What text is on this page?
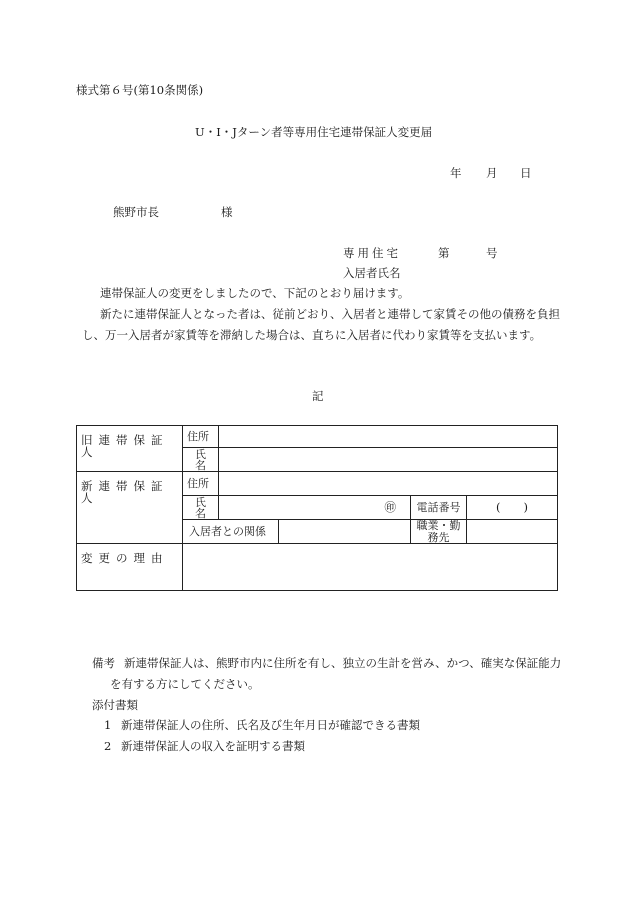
様式第６号(第10条関係)
U・I・Jターン者等専用住宅連帯保証人変更届
年 月 日
熊野市長	様
専用住宅	第	号
入居者氏名
連帯保証人の変更をしましたので、下記のとおり届けます。
新たに連帯保証人となった者は、従前どおり、入居者と連帯して家賃その他の債務を負担し、万一入居者が家賃等を滞納した場合は、直ちに入居者に代わり家賃等を支払います。
記
旧連帯保証人	住所				
	氏名				
新連帯保証人	住所				
	氏名	㊞		電話番号	(　　)
	入居者との関係			職業・勤務先	
変更の理由					
備考 新連帯保証人は、熊野市内に住所を有し、独立の生計を営み、かつ、確実な保証能力
を有する方にしてください。
添付書類
1 新連帯保証人の住所、氏名及び生年月日が確認できる書類
2 新連帯保証人の収入を証明する書類
